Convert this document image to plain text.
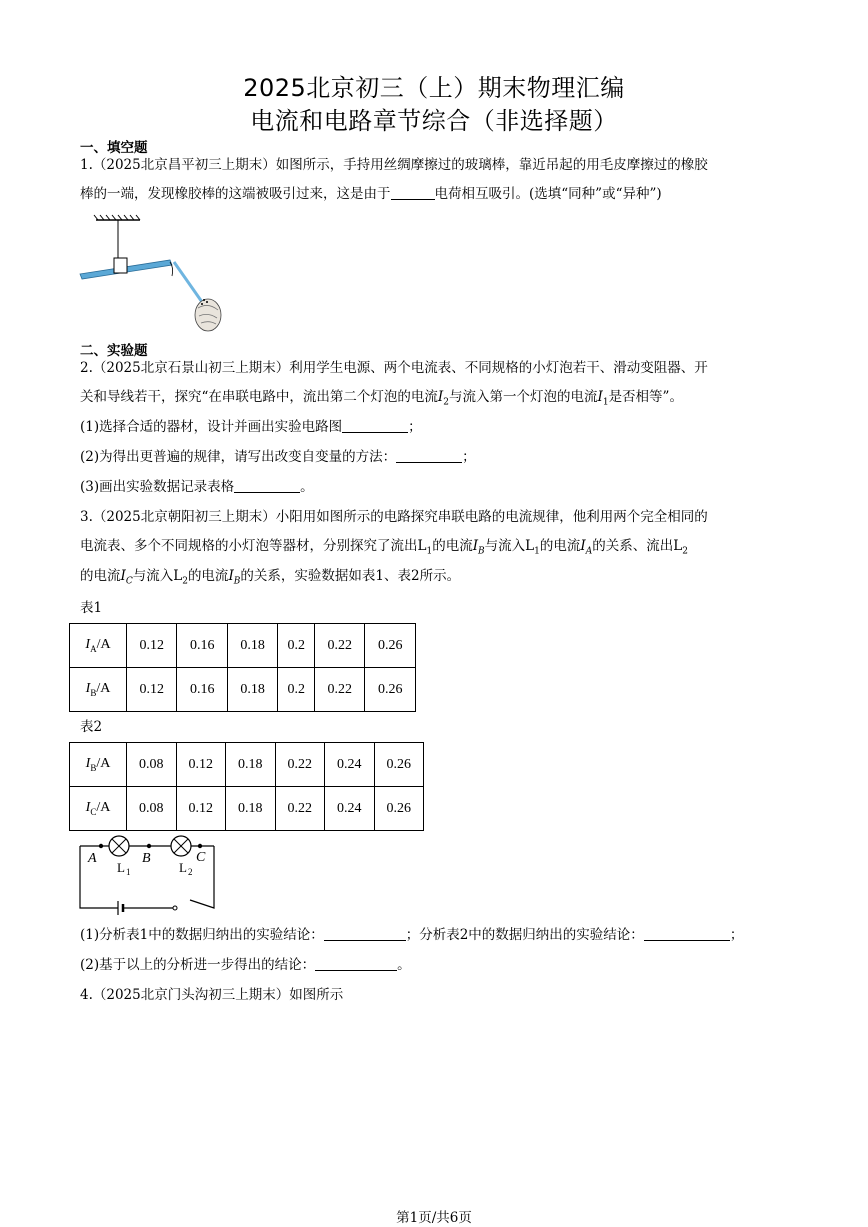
2025北京初三（上）期末物理汇编
电流和电路章节综合（非选择题）
一、填空题
1.（2025北京昌平初三上期末）如图所示，手持用丝绸摩擦过的玻璃棒，靠近吊起的用毛皮摩擦过的橡胶
棒的一端，发现橡胶棒的这端被吸引过来，这是由于	电荷相互吸引。(选填“同种”或“异种”)
二、实验题
2.（2025北京石景山初三上期末）利用学生电源、两个电流表、不同规格的小灯泡若干、滑动变阻器、开
关和导线若干，探究“在串联电路中，流出第二个灯泡的电流$I_2$与流入第一个灯泡的电流$I_1$是否相等”。
(1)选择合适的器材，设计并画出实验电路图	；
(2)为得出更普遍的规律，请写出改变自变量的方法：	；
(3)画出实验数据记录表格	。
3.（2025北京朝阳初三上期末）小阳用如图所示的电路探究串联电路的电流规律，他利用两个完全相同的
电流表、多个不同规格的小灯泡等器材，分别探究了流出$L_1$的电流$I_B$与流入$L_1$的电流$I_A$的关系、流出$L_2$
的电流$I_C$与流入$L_2$的电流$I_B$的关系，实验数据如表1、表2所示。
表1
$I_A/A$	0.12	0.16	0.18	0.2	0.22	0.26
$I_B/A$	0.12	0.16	0.18	0.2	0.22	0.26
表2
$I_B/A$	0.08	0.12	0.18	0.22	0.24	0.26
$I_C/A$	0.08	0.12	0.18	0.22	0.24	0.26
A	B	C
L 1	L 2
(1)分析表1中的数据归纳出的实验结论：	；分析表2中的数据归纳出的实验结论：	；
(2)基于以上的分析进一步得出的结论：	。
4.（2025北京门头沟初三上期末）如图所示
第1页/共6页
